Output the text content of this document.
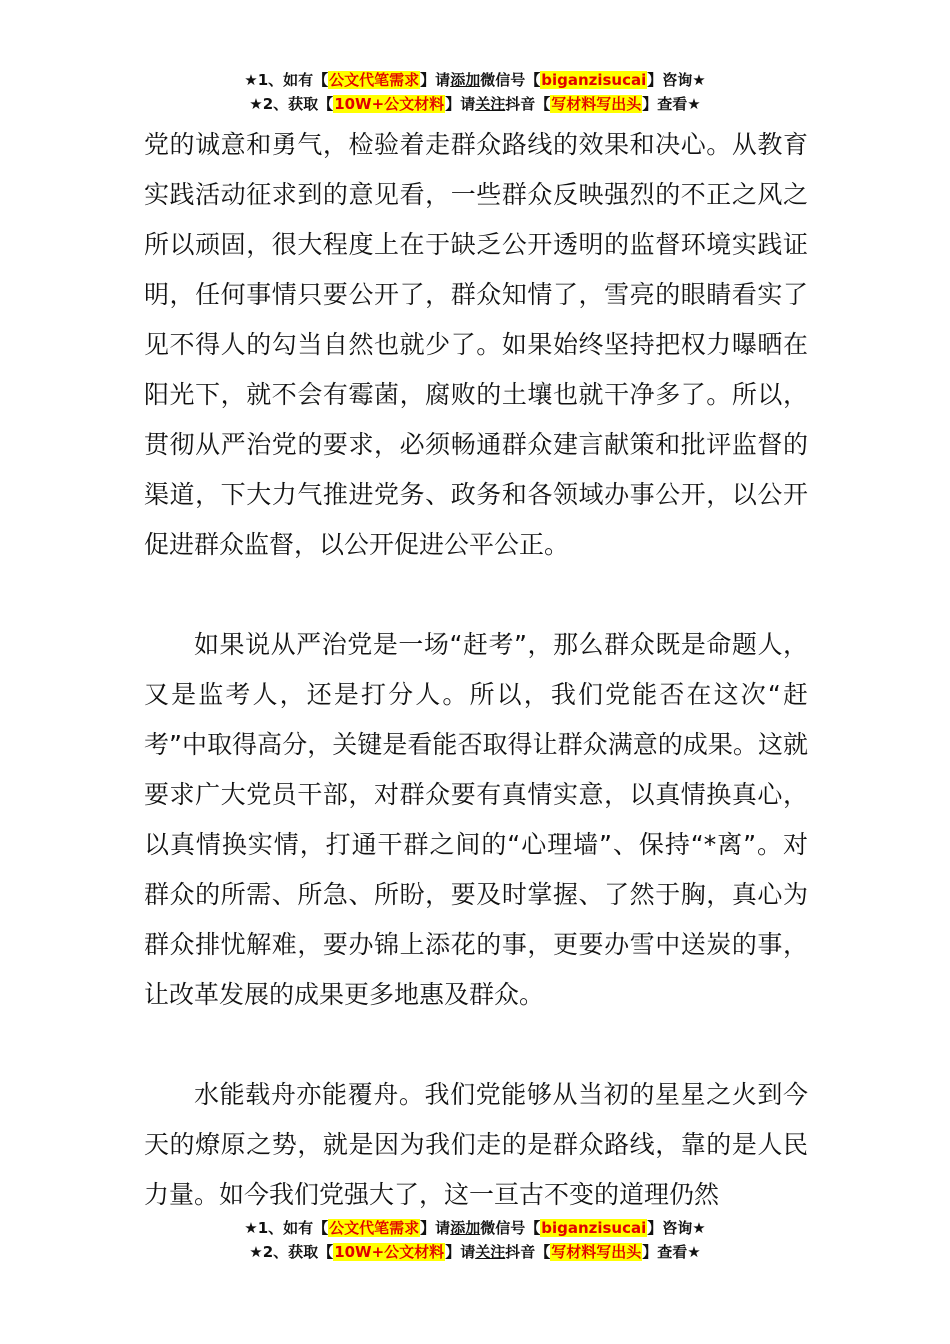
★1、如有【公文代笔需求】请添加微信号【biganzisucai】咨询★
★2、获取【10W+公文材料】请关注抖音【写材料写出头】查看★

党的诚意和勇气，检验着走群众路线的效果和决心。从教育实践活动征求到的意见看，一些群众反映强烈的不正之风之所以顽固，很大程度上在于缺乏公开透明的监督环境实践证明，任何事情只要公开了，群众知情了，雪亮的眼睛看实了见不得人的勾当自然也就少了。如果始终坚持把权力曝晒在阳光下，就不会有霉菌，腐败的土壤也就干净多了。所以，贯彻从严治党的要求，必须畅通群众建言献策和批评监督的渠道，下大力气推进党务、政务和各领域办事公开，以公开促进群众监督，以公开促进公平公正。

如果说从严治党是一场“赶考”，那么群众既是命题人，又是监考人，还是打分人。所以，我们党能否在这次“赶考”中取得高分，关键是看能否取得让群众满意的成果。这就要求广大党员干部，对群众要有真情实意，以真情换真心，以真情换实情，打通干群之间的“心理墙”、保持“*离”。对群众的所需、所急、所盼，要及时掌握、了然于胸，真心为群众排忧解难，要办锦上添花的事，更要办雪中送炭的事，让改革发展的成果更多地惠及群众。

水能载舟亦能覆舟。我们党能够从当初的星星之火到今天的燎原之势，就是因为我们走的是群众路线，靠的是人民力量。如今我们党强大了，这一亘古不变的道理仍然

★1、如有【公文代笔需求】请添加微信号【biganzisucai】咨询★
★2、获取【10W+公文材料】请关注抖音【写材料写出头】查看★
